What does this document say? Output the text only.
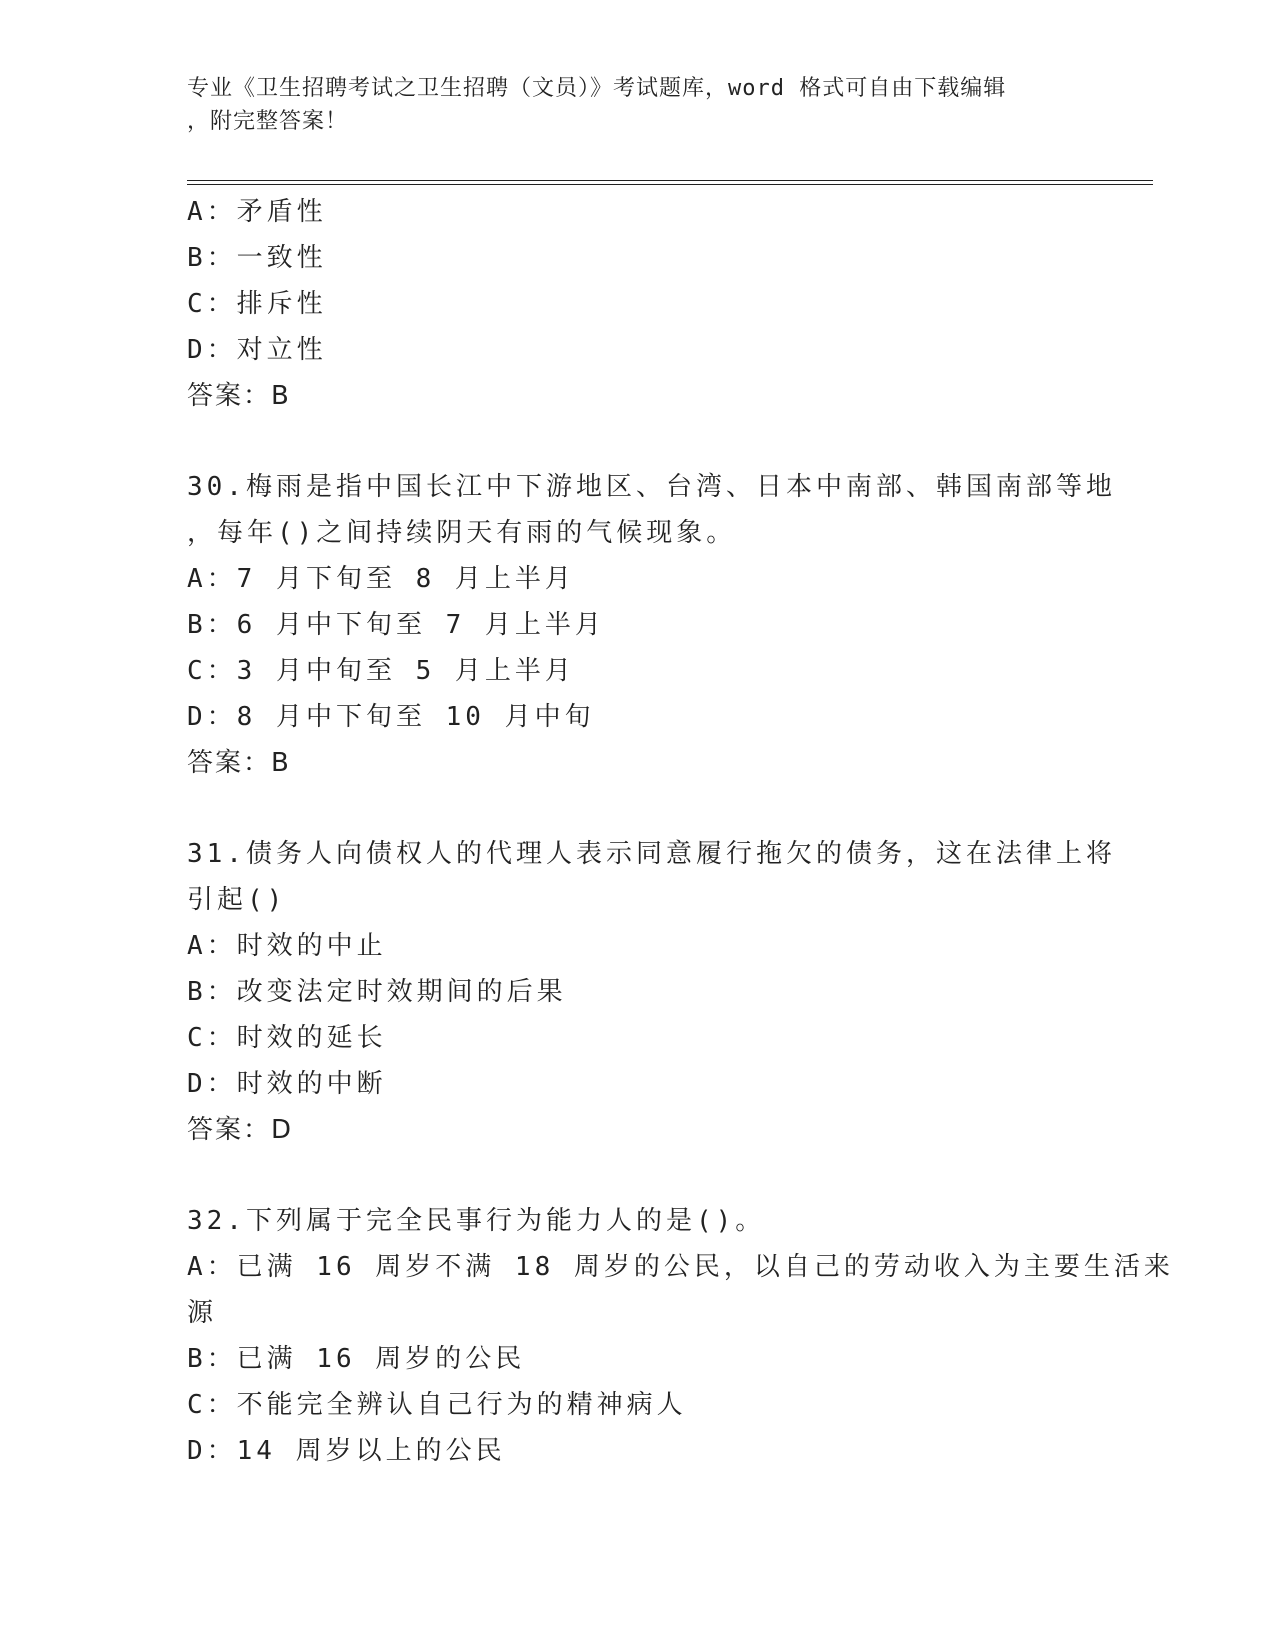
专业《卫生招聘考试之卫生招聘（文员）》考试题库，word 格式可自由下载编辑
，附完整答案！
A：矛盾性
B：一致性
C：排斥性
D：对立性
答案：B
30.梅雨是指中国长江中下游地区、台湾、日本中南部、韩国南部等地
，每年()之间持续阴天有雨的气候现象。
A：7 月下旬至 8 月上半月
B：6 月中下旬至 7 月上半月
C：3 月中旬至 5 月上半月
D：8 月中下旬至 10 月中旬
答案：B
31.债务人向债权人的代理人表示同意履行拖欠的债务，这在法律上将
引起()
A：时效的中止
B：改变法定时效期间的后果
C：时效的延长
D：时效的中断
答案：D
32.下列属于完全民事行为能力人的是()。
A：已满 16 周岁不满 18 周岁的公民，以自己的劳动收入为主要生活来
源
B：已满 16 周岁的公民
C：不能完全辨认自己行为的精神病人
D：14 周岁以上的公民
